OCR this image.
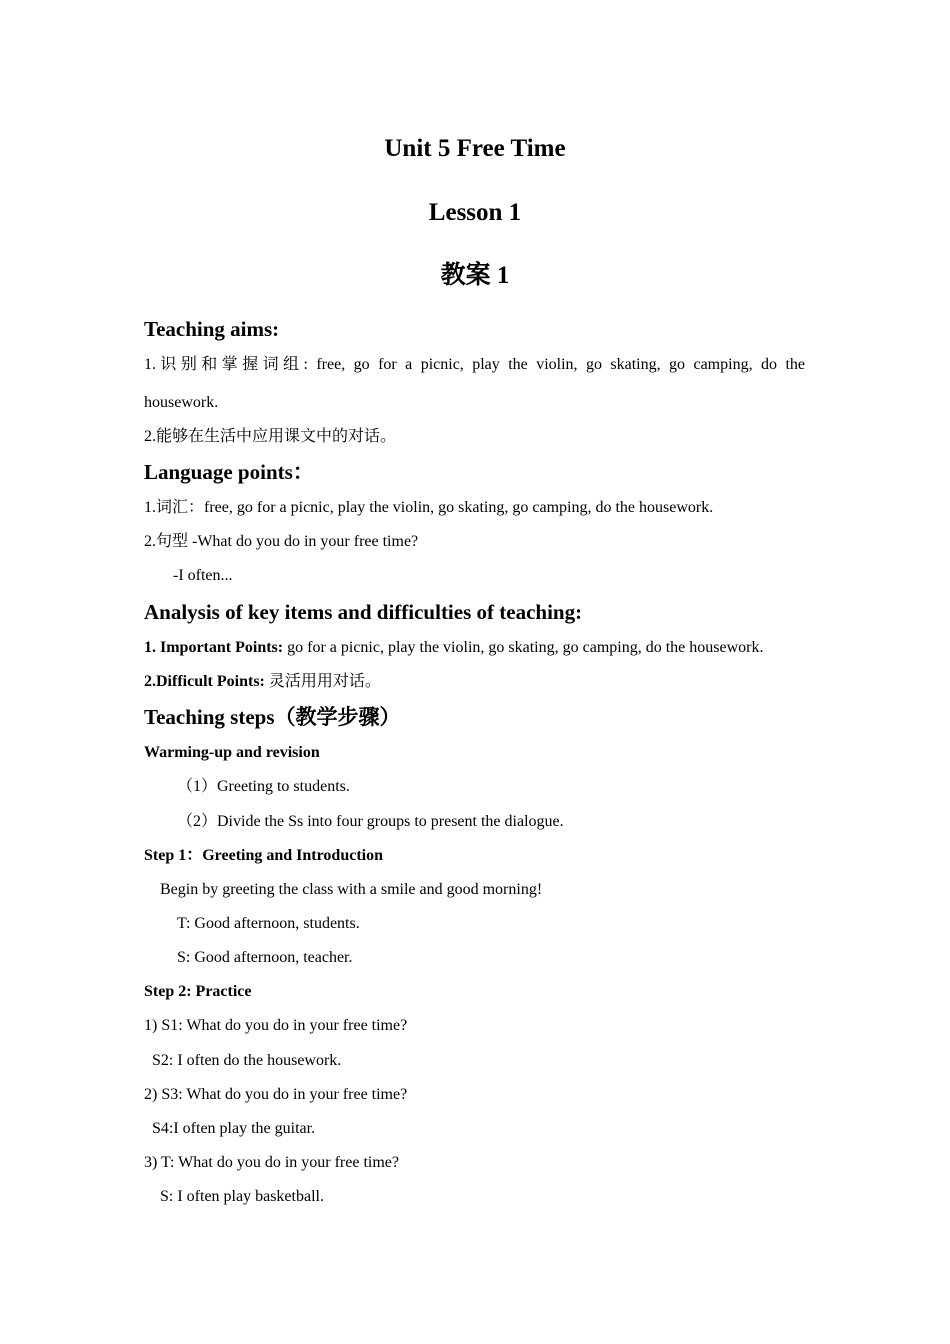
Unit 5 Free Time
Lesson 1
教案 1
Teaching aims:
1.识别和掌握词组: free, go for a picnic, play the violin, go skating, go camping, do the
housework.
2.能够在生活中应用课文中的对话。
Language points：
1.词汇：free, go for a picnic, play the violin, go skating, go camping, do the housework.
2.句型 -What do you do in your free time?
-I often...
Analysis of key items and difficulties of teaching:
1. Important Points: go for a picnic, play the violin, go skating, go camping, do the housework.
2.Difficult Points: 灵活用用对话。
Teaching steps（教学步骤）
Warming-up and revision
（1）Greeting to students.
（2）Divide the Ss into four groups to present the dialogue.
Step 1：Greeting and Introduction
Begin by greeting the class with a smile and good morning!
T: Good afternoon, students.
S: Good afternoon, teacher.
Step 2: Practice
1) S1: What do you do in your free time?
S2: I often do the housework.
2) S3: What do you do in your free time?
S4:I often play the guitar.
3) T: What do you do in your free time?
S: I often play basketball.
